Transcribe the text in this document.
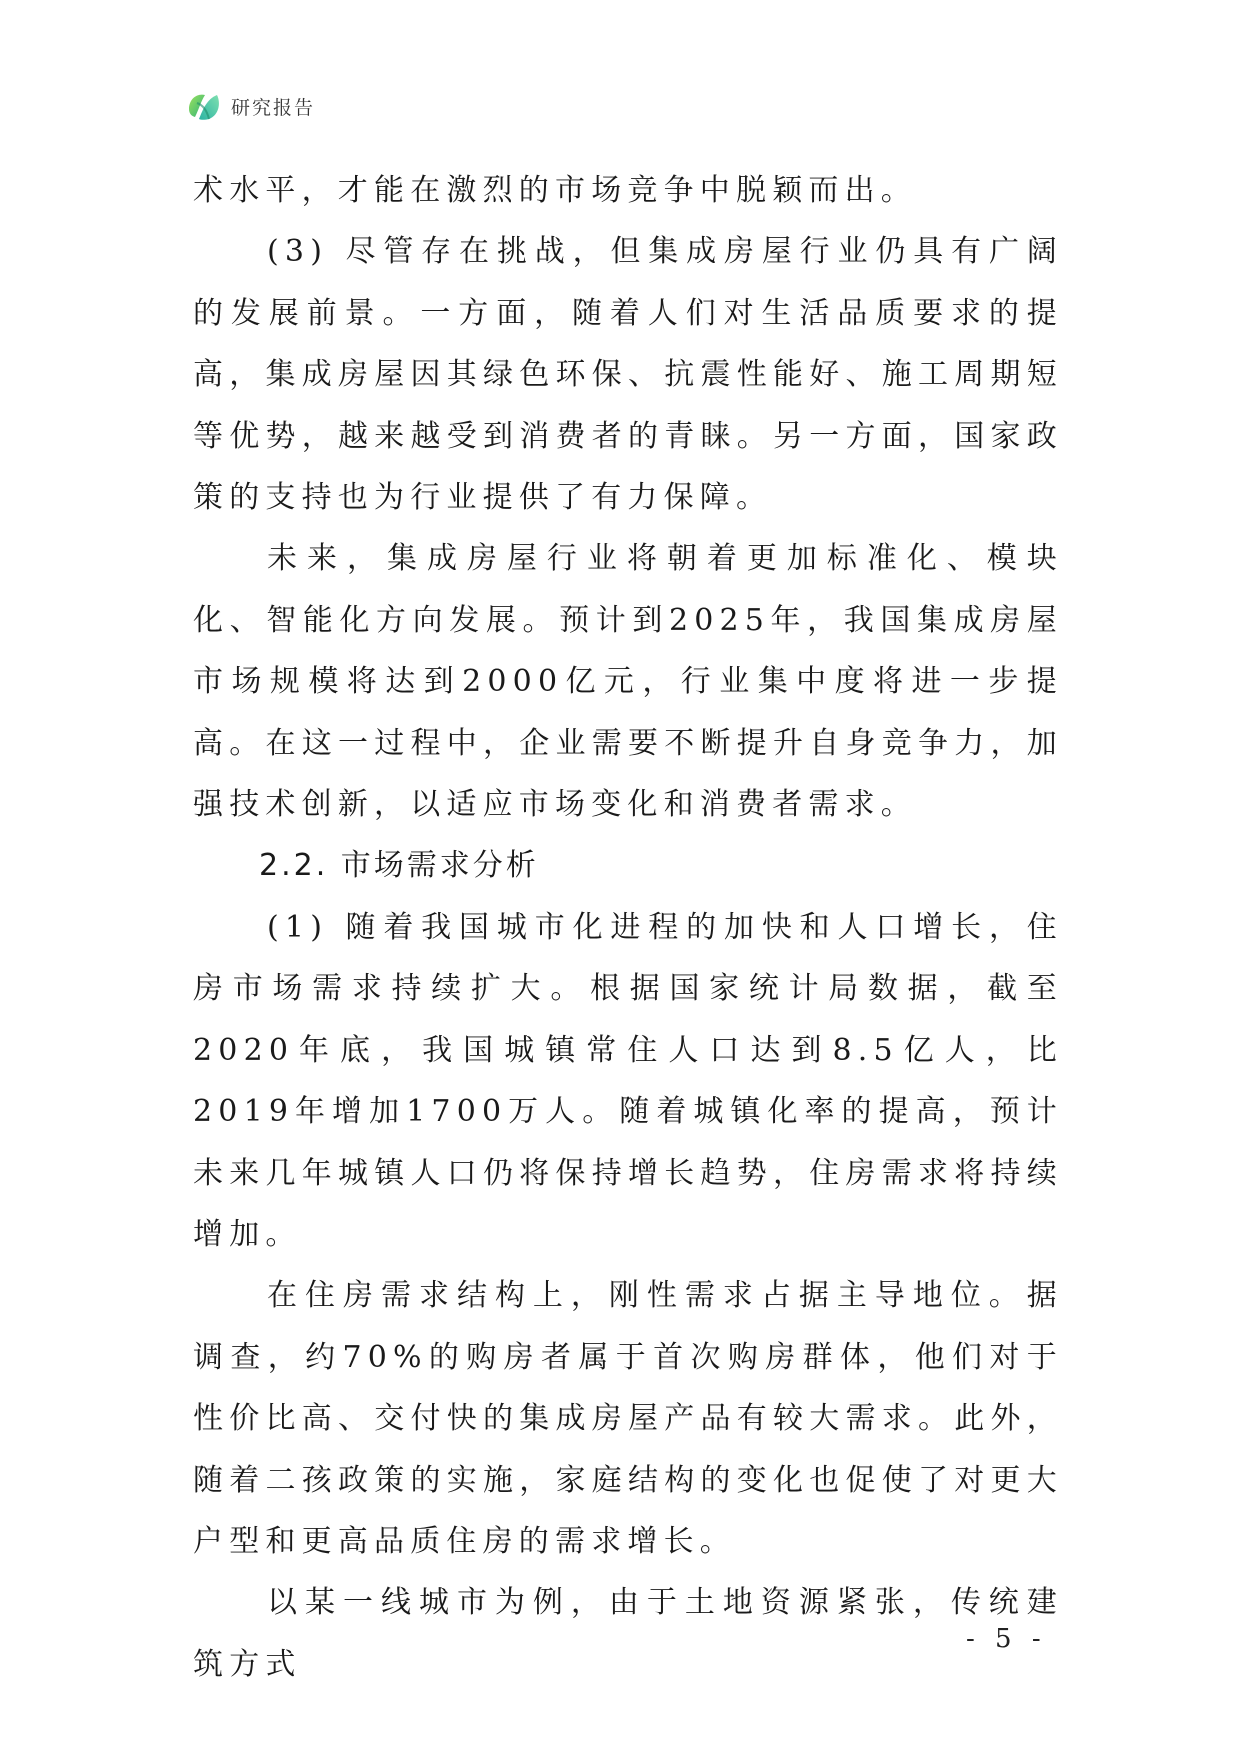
研究报告

术水平，才能在激烈的市场竞争中脱颖而出。

(3) 尽管存在挑战，但集成房屋行业仍具有广阔的发展前景。一方面，随着人们对生活品质要求的提高，集成房屋因其绿色环保、抗震性能好、施工周期短等优势，越来越受到消费者的青睐。另一方面，国家政策的支持也为行业提供了有力保障。

未来，集成房屋行业将朝着更加标准化、模块化、智能化方向发展。预计到2025年，我国集成房屋市场规模将达到2000亿元，行业集中度将进一步提高。在这一过程中，企业需要不断提升自身竞争力，加强技术创新，以适应市场变化和消费者需求。

2.2. 市场需求分析

(1) 随着我国城市化进程的加快和人口增长，住房市场需求持续扩大。根据国家统计局数据，截至2020年底，我国城镇常住人口达到8.5亿人，比2019年增加1700万人。随着城镇化率的提高，预计未来几年城镇人口仍将保持增长趋势，住房需求将持续增加。

在住房需求结构上，刚性需求占据主导地位。据调查，约70%的购房者属于首次购房群体，他们对于性价比高、交付快的集成房屋产品有较大需求。此外，随着二孩政策的实施，家庭结构的变化也促使了对更大户型和更高品质住房的需求增长。

以某一线城市为例，由于土地资源紧张，传统建筑方式

- 5 -
